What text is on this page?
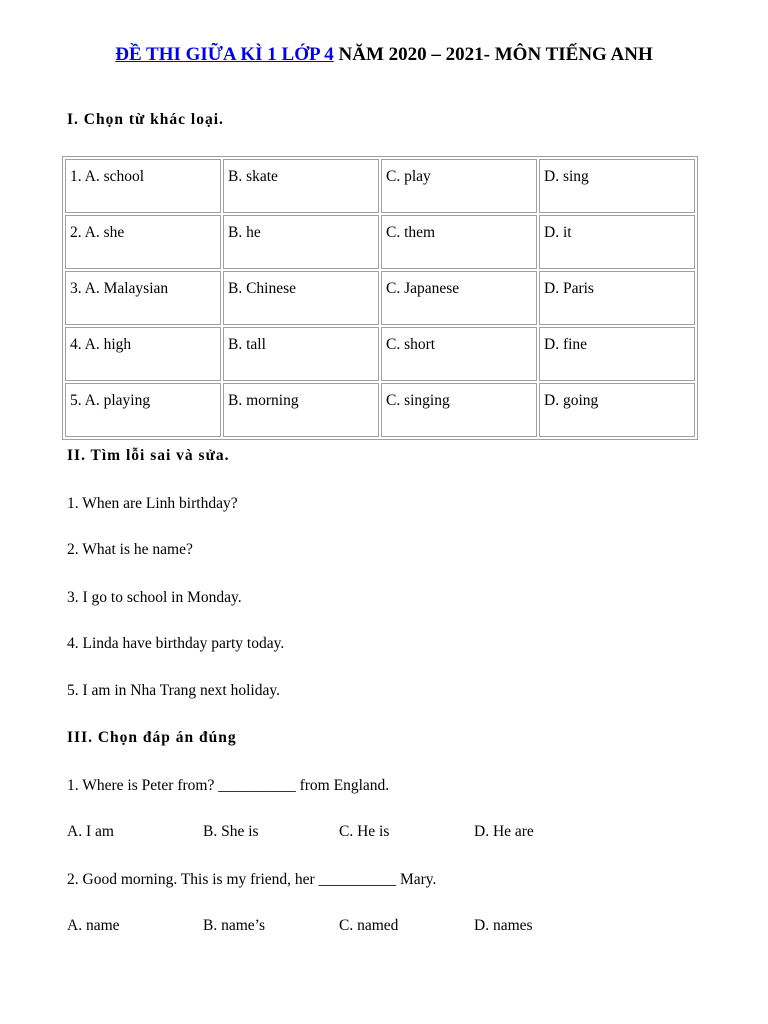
ĐỀ THI GIỮA KÌ 1 LỚP 4 NĂM 2020 – 2021- MÔN TIẾNG ANH
I. Chọn từ khác loại.
1. A. school	B. skate	C. play	D. sing
2. A. she	B. he	C. them	D. it
3. A. Malaysian	B. Chinese	C. Japanese	D. Paris
4. A. high	B. tall	C. short	D. fine
5. A. playing	B. morning	C. singing	D. going
II. Tìm lỗi sai và sửa.
1. When are Linh birthday?
2. What is he name?
3. I go to school in Monday.
4. Linda have birthday party today.
5. I am in Nha Trang next holiday.
III. Chọn đáp án đúng
1. Where is Peter from? __________ from England.
A. I am	B. She is	C. He is	D. He are
2. Good morning. This is my friend, her __________ Mary.
A. name	B. name’s	C. named	D. names
